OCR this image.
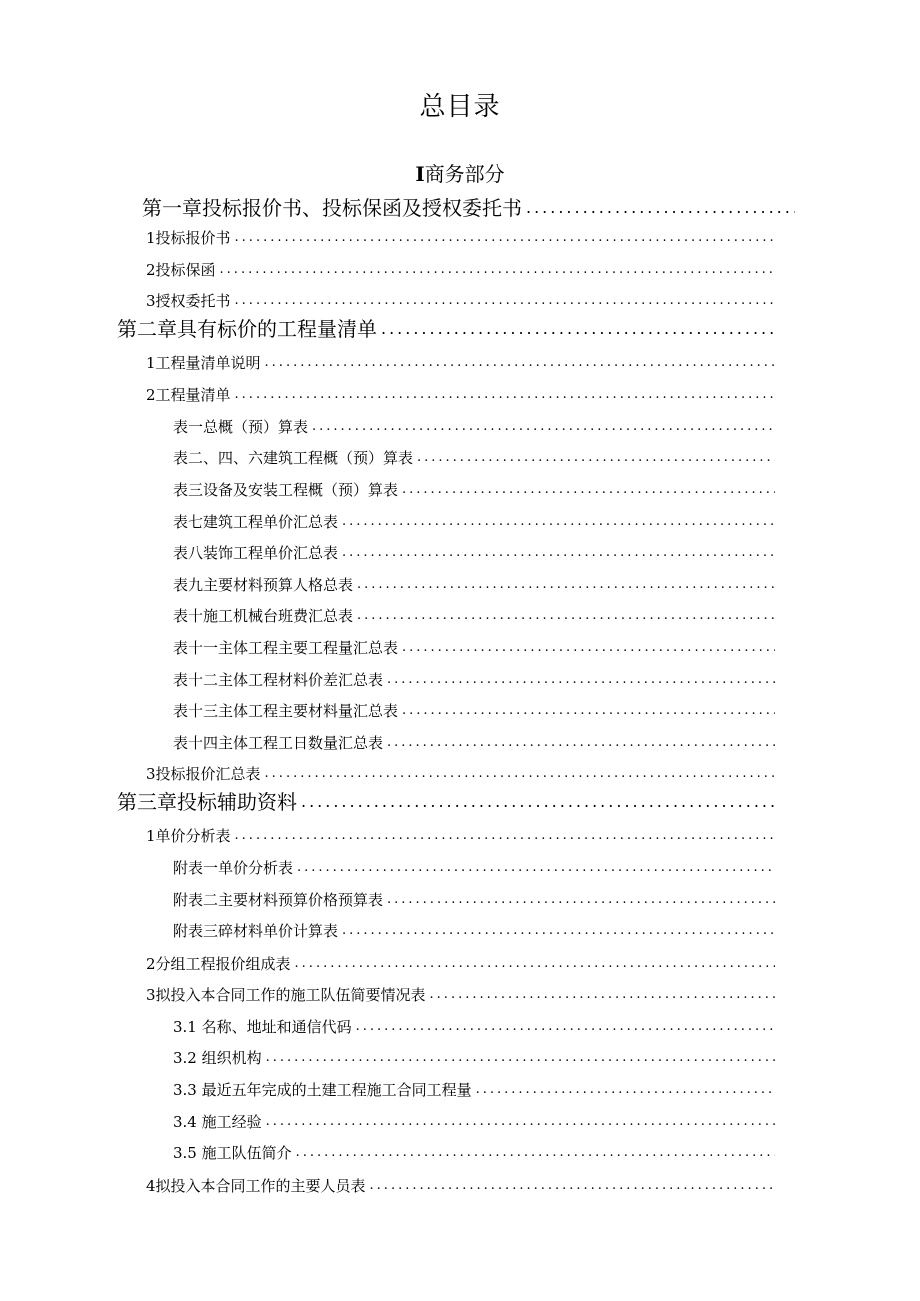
总目录
I商务部分
第一章投标报价书、投标保函及授权委托书
.....
1投标报价书
.....
2投标保函
.....
3授权委托书
.....
第二章具有标价的工程量清单
.....
1工程量清单说明
.....
2工程量清单
.....
表一总概（预）算表
.....
表二、四、六建筑工程概（预）算表
.....
表三设备及安装工程概（预）算表
.....
表七建筑工程单价汇总表
.....
表八装饰工程单价汇总表
.....
表九主要材料预算人格总表
.....
表十施工机械台班费汇总表
.....
表十一主体工程主要工程量汇总表
.....
表十二主体工程材料价差汇总表
.....
表十三主体工程主要材料量汇总表
.....
表十四主体工程工日数量汇总表
.....
3投标报价汇总表
.....
第三章投标辅助资料
.....
1单价分析表
.....
附表一单价分析表
.....
附表二主要材料预算价格预算表
.....
附表三碎材料单价计算表
.....
2分组工程报价组成表
.....
3拟投入本合同工作的施工队伍简要情况表
.....
3.1 名称、地址和通信代码
.....
3.2 组织机构
.....
3.3 最近五年完成的土建工程施工合同工程量
.....
3.4 施工经验
.....
3.5 施工队伍简介
.....
4拟投入本合同工作的主要人员表
.....
